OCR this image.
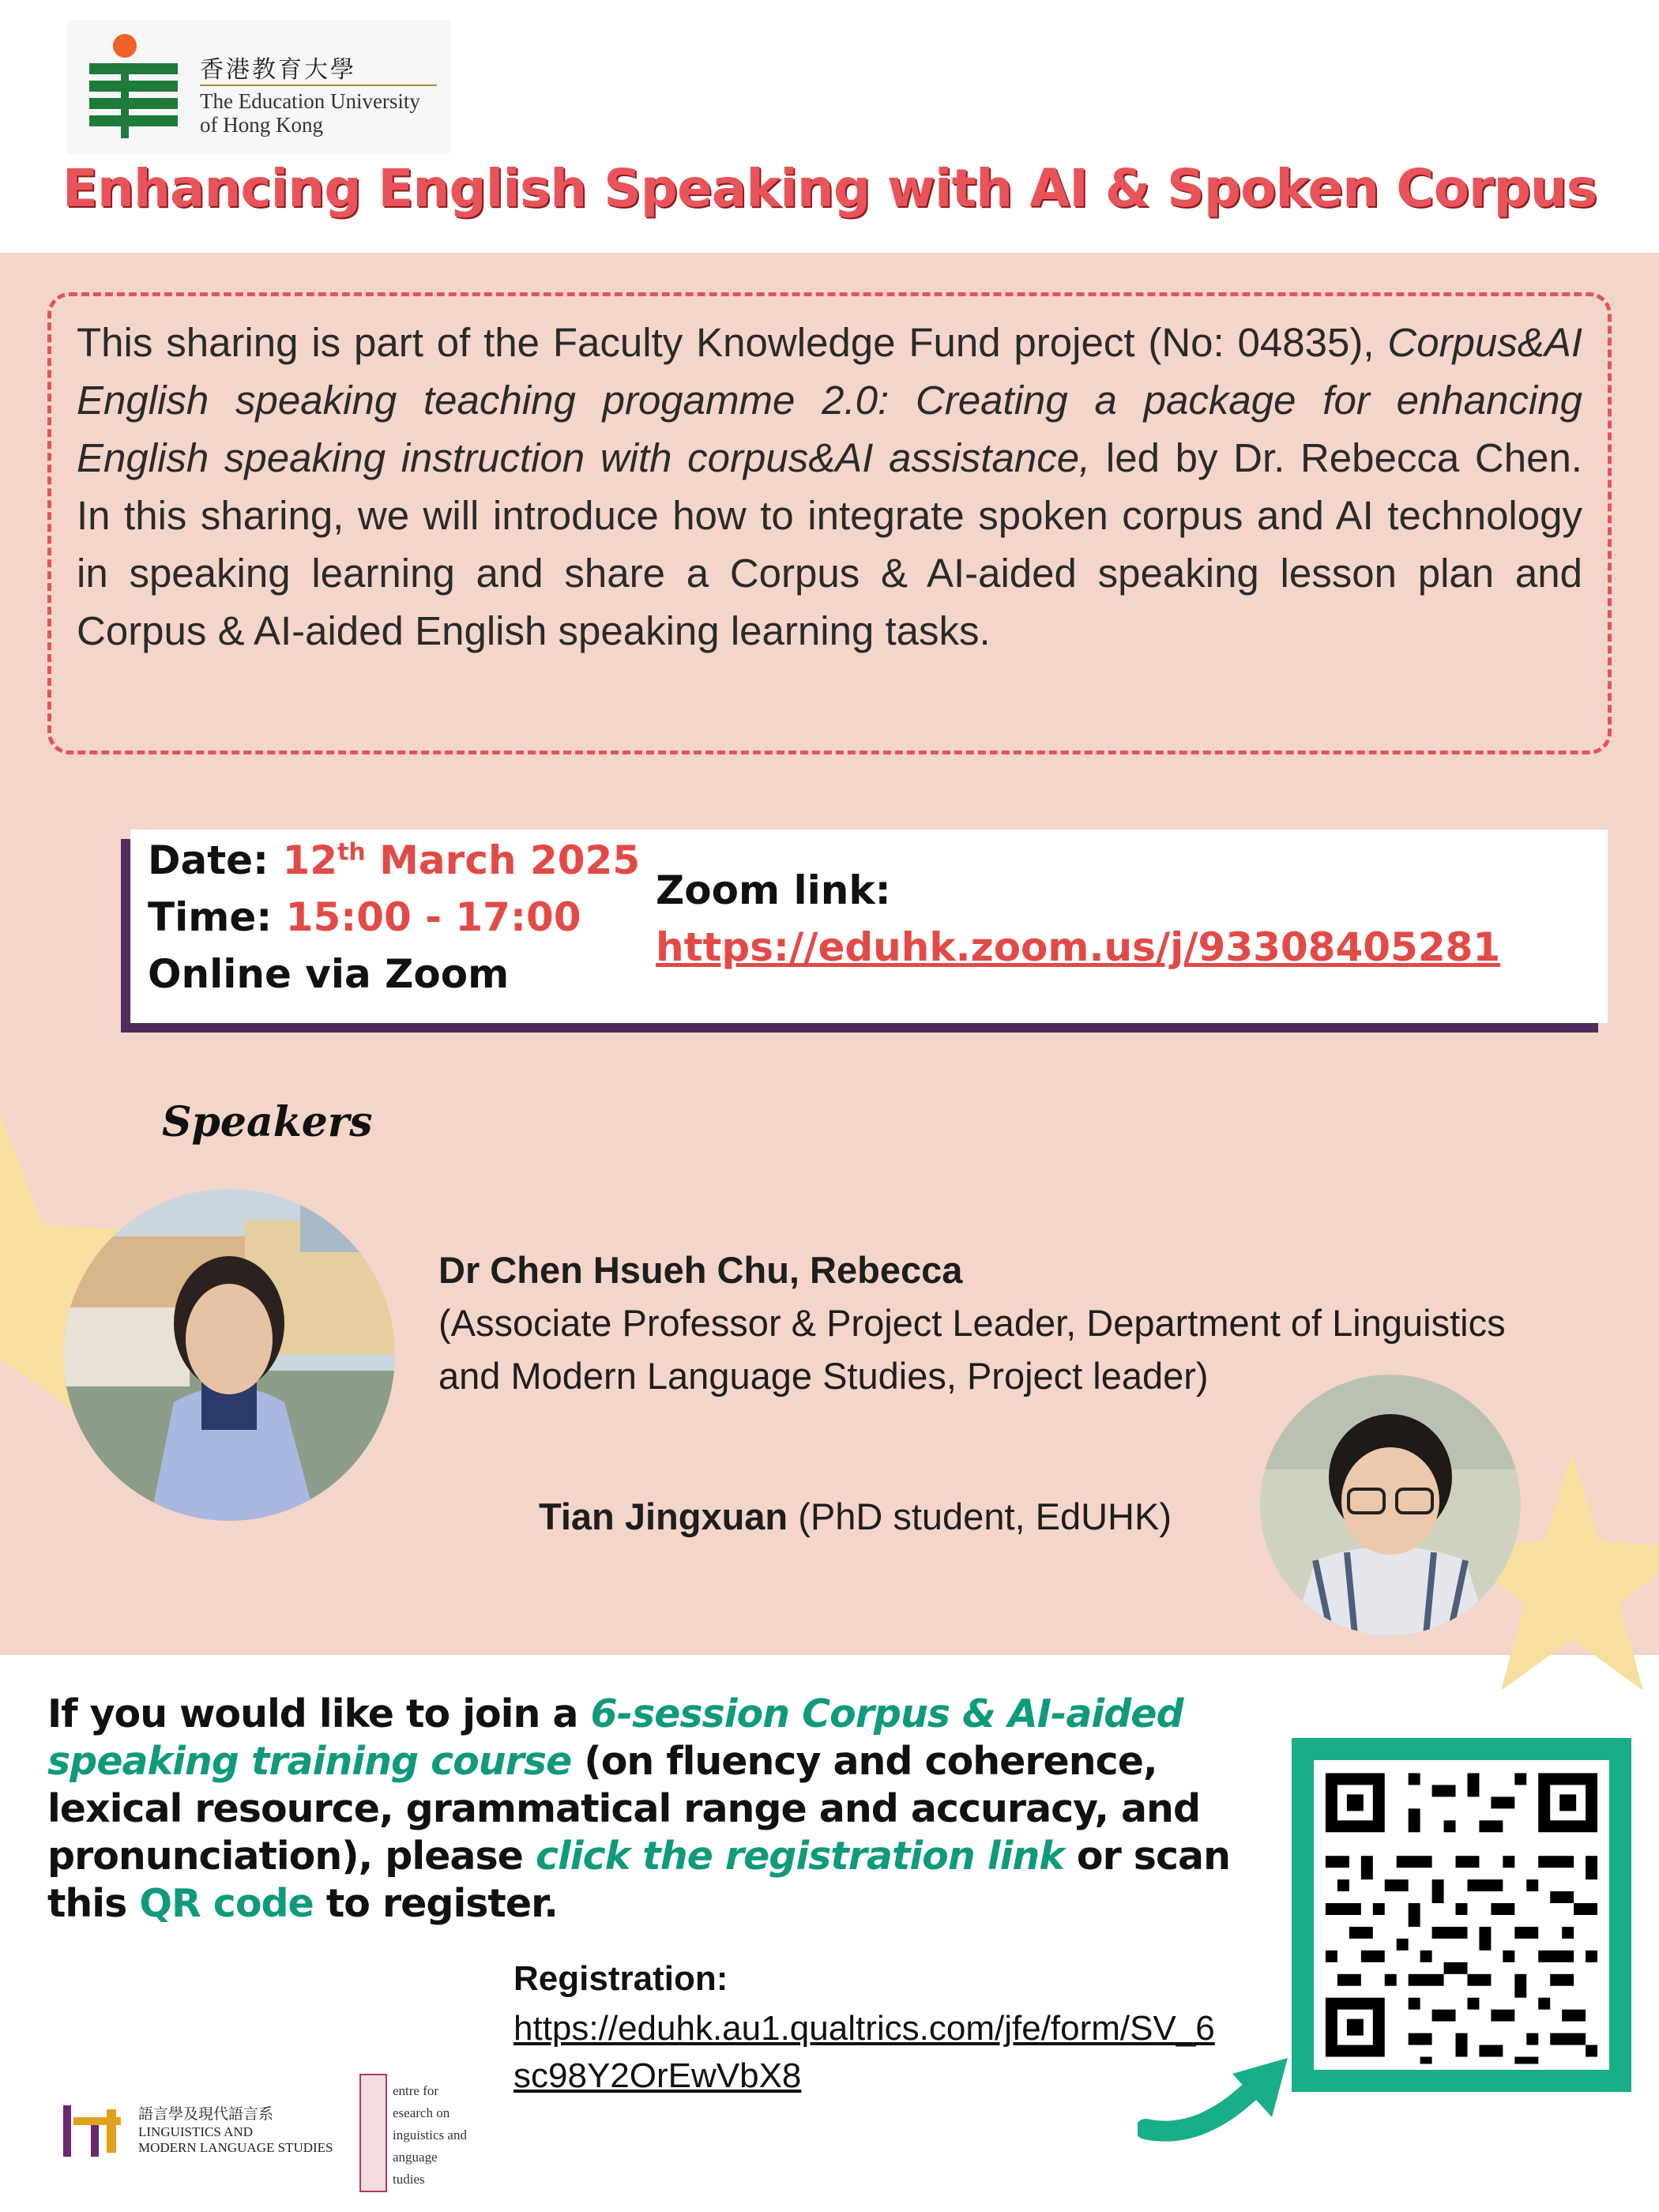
香港教育大學
The Education University
of Hong Kong
Enhancing English Speaking with AI & Spoken Corpus

This sharing is part of the Faculty Knowledge Fund project (No: 04835), Corpus&AI English speaking teaching progamme 2.0: Creating a package for enhancing English speaking instruction with corpus&AI assistance, led by Dr. Rebecca Chen. In this sharing, we will introduce how to integrate spoken corpus and AI technology in speaking learning and share a Corpus & AI-aided speaking lesson plan and Corpus & AI-aided English speaking learning tasks.

Date: 12th March 2025
Time: 15:00 - 17:00
Online via Zoom
Zoom link:
https://eduhk.zoom.us/j/93308405281
Speakers
Dr Chen Hsueh Chu, Rebecca
(Associate Professor & Project Leader, Department of Linguistics
and Modern Language Studies, Project leader)
Tian Jingxuan (PhD student, EdUHK)
If you would like to join a 6-session Corpus & AI-aided speaking training course (on fluency and coherence, lexical resource, grammatical range and accuracy, and pronunciation), please click the registration link or scan this QR code to register.
Registration:
https://eduhk.au1.qualtrics.com/jfe/form/SV_6sc98Y2OrEwVbX8
語言學及現代語言系
LINGUISTICS AND
MODERN LANGUAGE STUDIES
entre for
esearch on
inguistics and
anguage
tudies
